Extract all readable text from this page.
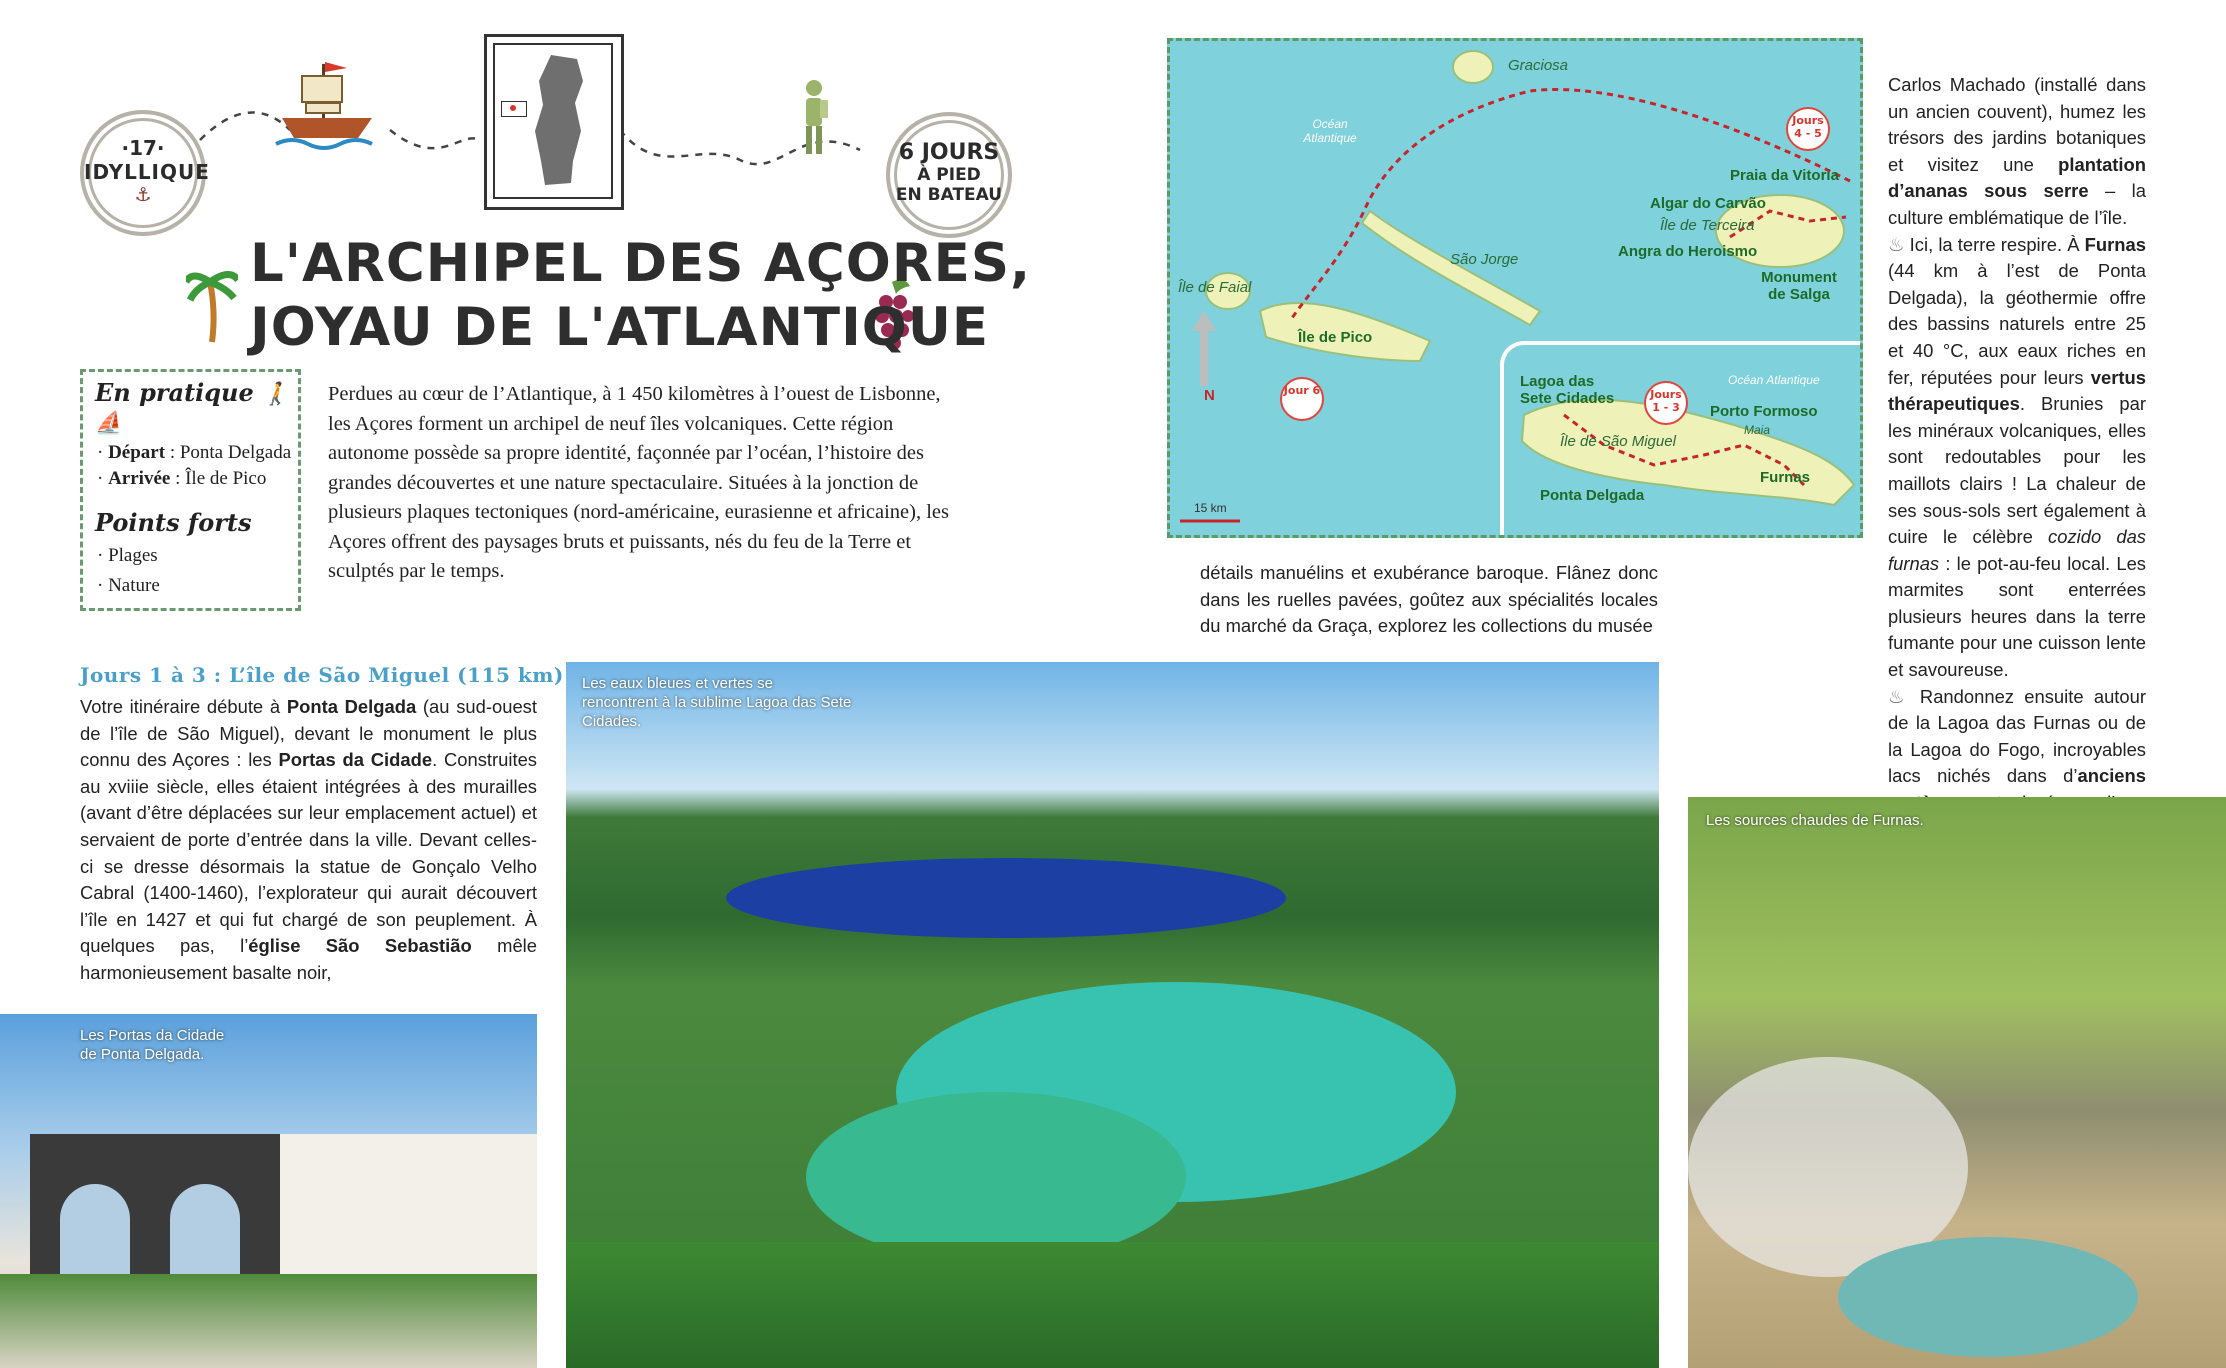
·17·
IDYLLIQUE
⚓
6 JOURS
À PIED
EN BATEAU
L'ARCHIPEL DES AÇORES,
JOYAU DE L'ATLANTIQUE
En pratique 🚶⛵
· Départ : Ponta Delgada
· Arrivée : Île de Pico
Points forts
· Plages
· Nature
Perdues au cœur de l’Atlantique, à 1 450 kilomètres à l’ouest de Lisbonne, les Açores forment un archipel de neuf îles volcaniques. Cette région autonome possède sa propre identité, façonnée par l’océan, l’histoire des grandes découvertes et une nature spectaculaire. Situées à la jonction de plusieurs plaques tectoniques (nord-américaine, eurasienne et africaine), les Açores offrent des paysages bruts et puissants, nés du feu de la Terre et sculptés par le temps.
Jours 1 à 3 : L’île de São Miguel (115 km)
Votre itinéraire débute à Ponta Delgada (au sud-ouest de l’île de São Miguel), devant le monument le plus connu des Açores : les Portas da Cidade. Construites au xviiie siècle, elles étaient intégrées à des murailles (avant d’être déplacées sur leur emplacement actuel) et servaient de porte d’entrée dans la ville. Devant celles-ci se dresse désormais la statue de Gonçalo Velho Cabral (1400-1460), l’explorateur qui aurait découvert l’île en 1427 et qui fut chargé de son peuplement. À quelques pas, l’église São Sebastião mêle harmonieusement basalte noir,
détails manuélins et exubérance baroque. Flânez donc dans les ruelles pavées, goûtez aux spécialités locales du marché da Graça, explorez les collections du musée
Carlos Machado (installé dans un ancien couvent), humez les trésors des jardins botaniques et visitez une plantation d’ananas sous serre – la culture emblématique de l’île.
♨ Ici, la terre respire. À Furnas (44 km à l’est de Ponta Delgada), la géothermie offre des bassins naturels entre 25 et 40 °C, aux eaux riches en fer, réputées pour leurs vertus thérapeutiques. Brunies par les minéraux volcaniques, elles sont redoutables pour les maillots clairs ! La chaleur de ses sous-sols sert également à cuire le célèbre cozido das furnas : le pot-au-feu local. Les marmites sont enterrées plusieurs heures dans la terre fumante pour une cuisson lente et savoureuse.
♨ Randonnez ensuite autour de la Lagoa das Furnas ou de la Lagoa do Fogo, incroyables lacs nichés dans d’anciens
Graciosa
Océan Atlantique
São Jorge
Île de Faial
Île de Pico
Praia da Vitoria
Algar do Carvão
Île de Terceira
Angra do Heroismo
Monument de Salga
Océan Atlantique
Lagoa das Sete Cidades
Île de São Miguel
Porto Formoso
Maia
Furnas
Ponta Delgada
Jours 4 - 5
Jour 6	Jours 1 - 3
N
15 km
Les Portas da Cidade de Ponta Delgada.
Les eaux bleues et vertes se rencontrent à la sublime Lagoa das Sete Cidades.
Les sources chaudes de Furnas.
